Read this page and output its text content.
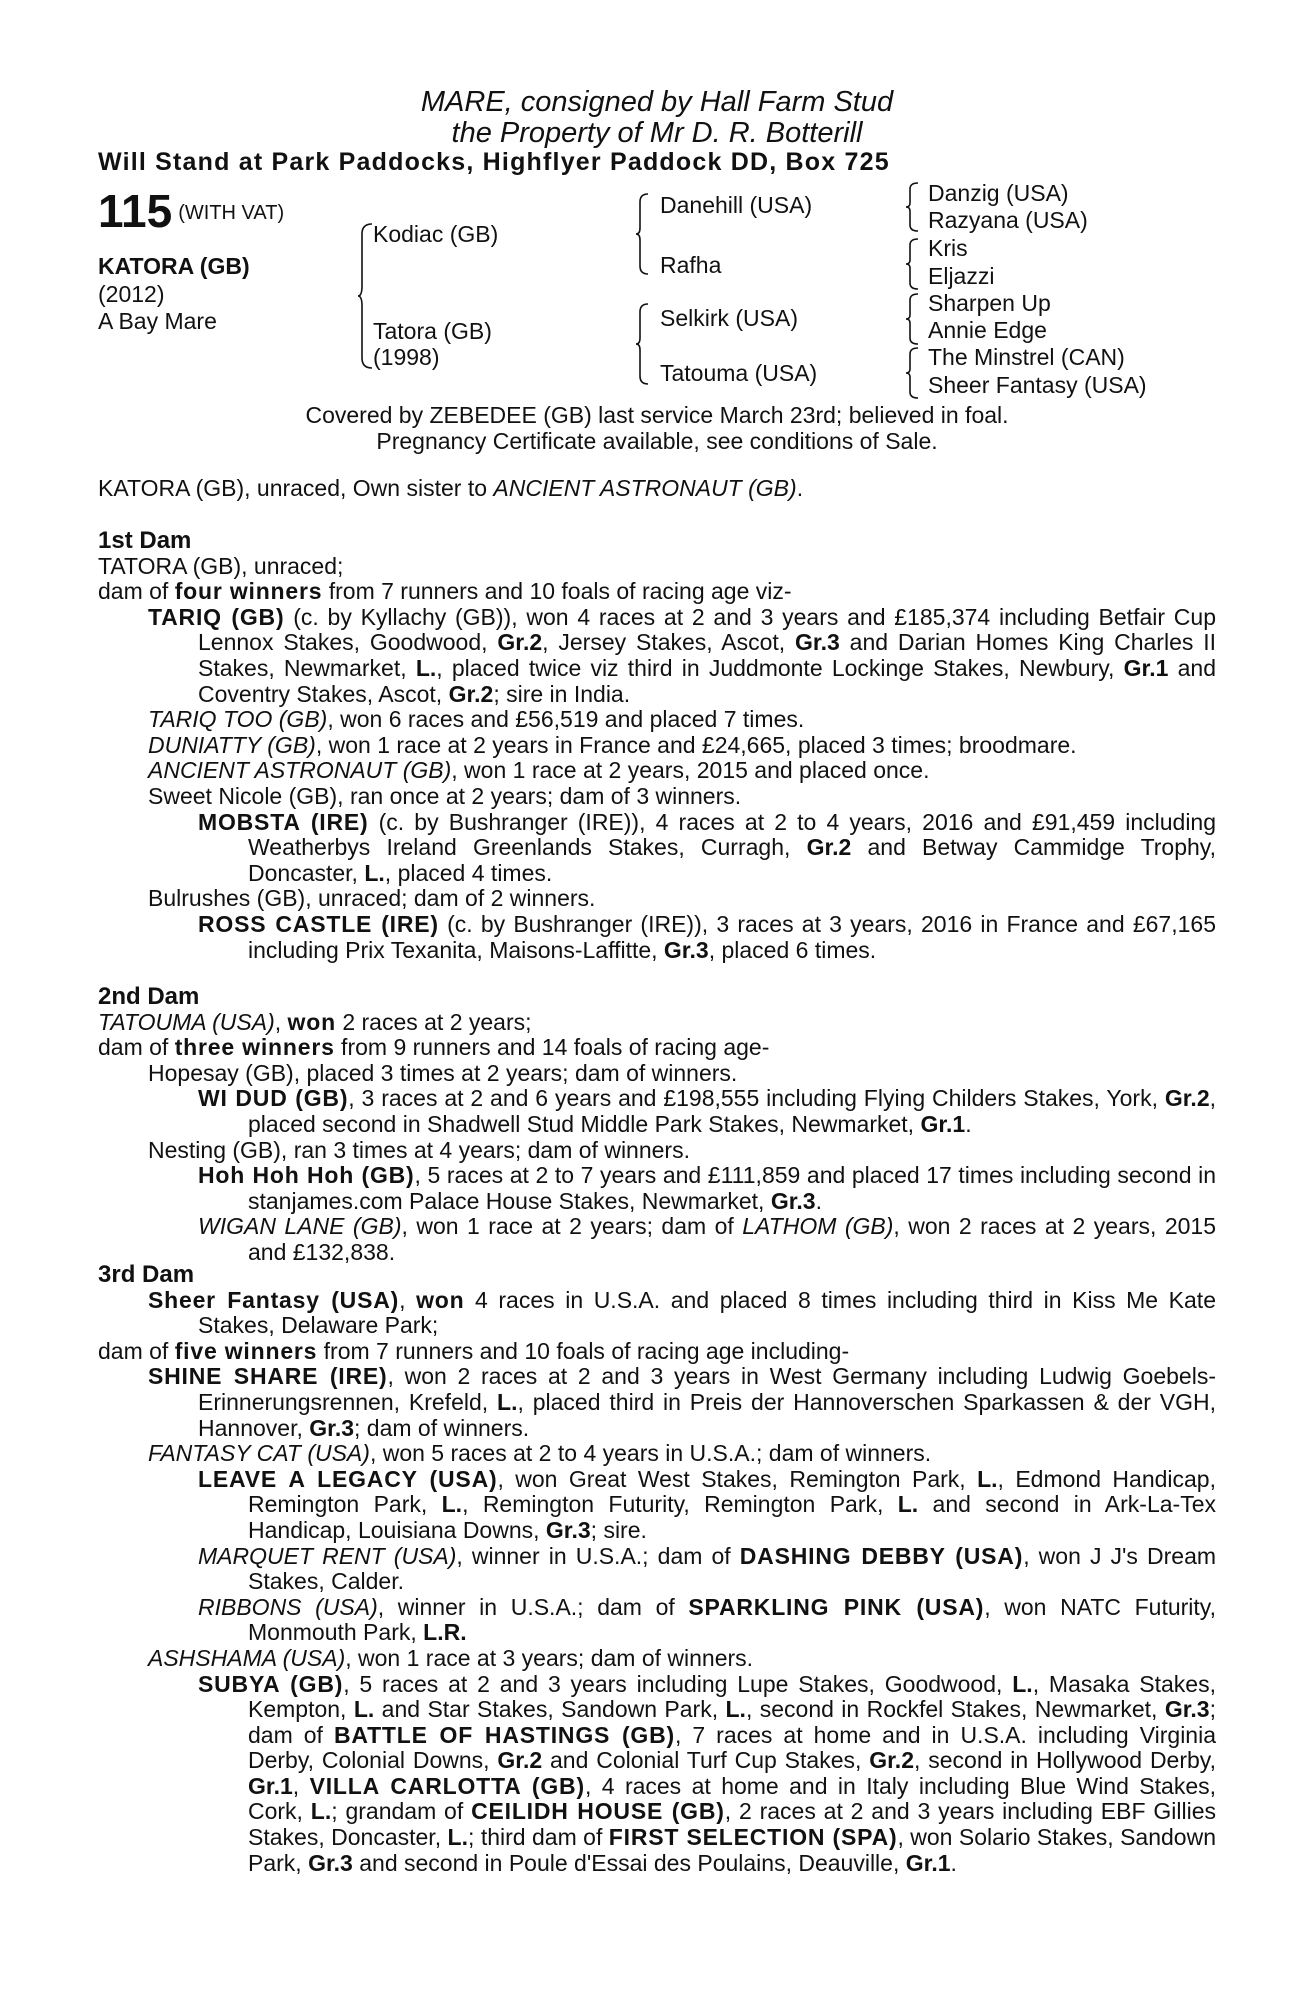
MARE, consigned by Hall Farm Stud
the Property of Mr D. R. Botterill
Will Stand at Park Paddocks, Highflyer Paddock DD, Box 725
115 (WITH VAT)
KATORA (GB)
(2012)
A Bay Mare
Kodiac (GB)
Tatora (GB)
(1998)
Danehill (USA)
Rafha
Selkirk (USA)
Tatouma (USA)
Danzig (USA)
Razyana (USA)
Kris
Eljazzi
Sharpen Up
Annie Edge
The Minstrel (CAN)
Sheer Fantasy (USA)
Covered by ZEBEDEE (GB) last service March 23rd; believed in foal.
Pregnancy Certificate available, see conditions of Sale.

KATORA (GB), unraced, Own sister to ANCIENT ASTRONAUT (GB).

1st Dam

TATORA (GB), unraced;

dam of four winners from 7 runners and 10 foals of racing age viz-

TARIQ (GB) (c. by Kyllachy (GB)), won 4 races at 2 and 3 years and £185,374 including Betfair Cup Lennox Stakes, Goodwood, Gr.2, Jersey Stakes, Ascot, Gr.3 and Darian Homes King Charles II Stakes, Newmarket, L., placed twice viz third in Juddmonte Lockinge Stakes, Newbury, Gr.1 and Coventry Stakes, Ascot, Gr.2; sire in India.

TARIQ TOO (GB), won 6 races and £56,519 and placed 7 times.

DUNIATTY (GB), won 1 race at 2 years in France and £24,665, placed 3 times; broodmare.

ANCIENT ASTRONAUT (GB), won 1 race at 2 years, 2015 and placed once.

Sweet Nicole (GB), ran once at 2 years; dam of 3 winners.

MOBSTA (IRE) (c. by Bushranger (IRE)), 4 races at 2 to 4 years, 2016 and £91,459 including Weatherbys Ireland Greenlands Stakes, Curragh, Gr.2 and Betway Cammidge Trophy, Doncaster, L., placed 4 times.

Bulrushes (GB), unraced; dam of 2 winners.

ROSS CASTLE (IRE) (c. by Bushranger (IRE)), 3 races at 3 years, 2016 in France and £67,165 including Prix Texanita, Maisons-Laffitte, Gr.3, placed 6 times.

2nd Dam

TATOUMA (USA), won 2 races at 2 years;

dam of three winners from 9 runners and 14 foals of racing age-

Hopesay (GB), placed 3 times at 2 years; dam of winners.

WI DUD (GB), 3 races at 2 and 6 years and £198,555 including Flying Childers Stakes, York, Gr.2, placed second in Shadwell Stud Middle Park Stakes, Newmarket, Gr.1.

Nesting (GB), ran 3 times at 4 years; dam of winners.

Hoh Hoh Hoh (GB), 5 races at 2 to 7 years and £111,859 and placed 17 times including second in stanjames.com Palace House Stakes, Newmarket, Gr.3.

WIGAN LANE (GB), won 1 race at 2 years; dam of LATHOM (GB), won 2 races at 2 years, 2015 and £132,838.

3rd Dam

Sheer Fantasy (USA), won 4 races in U.S.A. and placed 8 times including third in Kiss Me Kate Stakes, Delaware Park;

dam of five winners from 7 runners and 10 foals of racing age including-

SHINE SHARE (IRE), won 2 races at 2 and 3 years in West Germany including Ludwig Goebels-Erinnerungsrennen, Krefeld, L., placed third in Preis der Hannoverschen Sparkassen & der VGH, Hannover, Gr.3; dam of winners.

FANTASY CAT (USA), won 5 races at 2 to 4 years in U.S.A.; dam of winners.

LEAVE A LEGACY (USA), won Great West Stakes, Remington Park, L., Edmond Handicap, Remington Park, L., Remington Futurity, Remington Park, L. and second in Ark-La-Tex Handicap, Louisiana Downs, Gr.3; sire.

MARQUET RENT (USA), winner in U.S.A.; dam of DASHING DEBBY (USA), won J J's Dream Stakes, Calder.

RIBBONS (USA), winner in U.S.A.; dam of SPARKLING PINK (USA), won NATC Futurity, Monmouth Park, L.R.

ASHSHAMA (USA), won 1 race at 3 years; dam of winners.

SUBYA (GB), 5 races at 2 and 3 years including Lupe Stakes, Goodwood, L., Masaka Stakes, Kempton, L. and Star Stakes, Sandown Park, L., second in Rockfel Stakes, Newmarket, Gr.3; dam of BATTLE OF HASTINGS (GB), 7 races at home and in U.S.A. including Virginia Derby, Colonial Downs, Gr.2 and Colonial Turf Cup Stakes, Gr.2, second in Hollywood Derby, Gr.1, VILLA CARLOTTA (GB), 4 races at home and in Italy including Blue Wind Stakes, Cork, L.; grandam of CEILIDH HOUSE (GB), 2 races at 2 and 3 years including EBF Gillies Stakes, Doncaster, L.; third dam of FIRST SELECTION (SPA), won Solario Stakes, Sandown Park, Gr.3 and second in Poule d'Essai des Poulains, Deauville, Gr.1.
